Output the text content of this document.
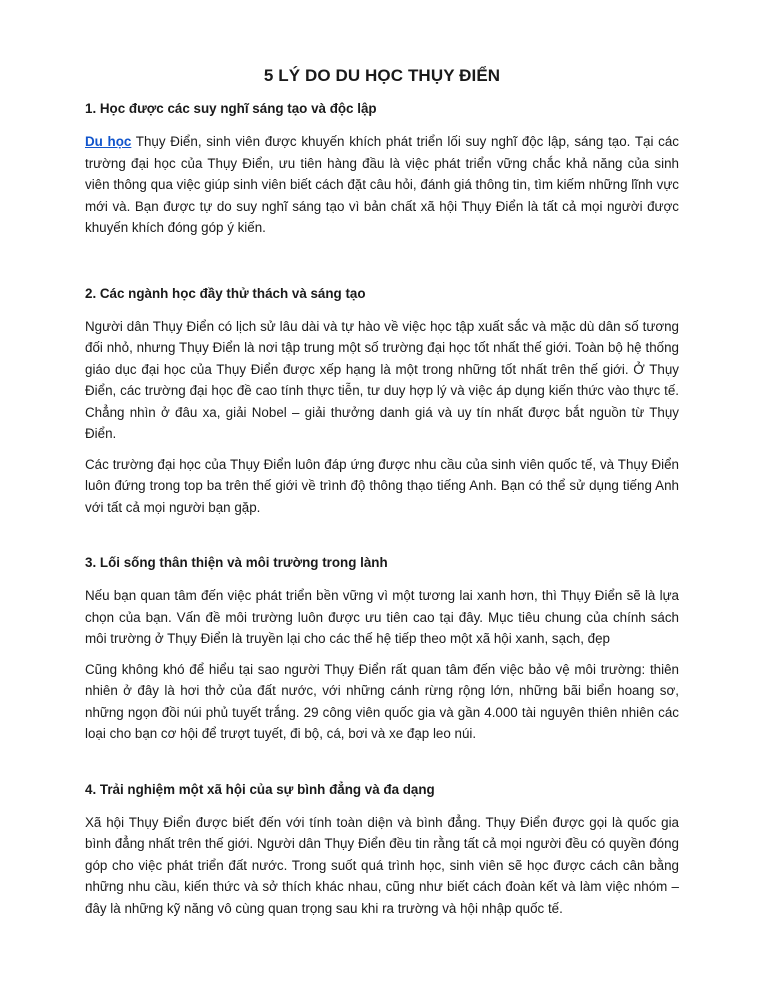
5 LÝ DO DU HỌC THỤY ĐIỂN
1. Học được các suy nghĩ sáng tạo và độc lập
Du học Thụy Điển, sinh viên được khuyến khích phát triển lối suy nghĩ độc lập, sáng tạo. Tại các trường đại học của Thụy Điển, ưu tiên hàng đầu là việc phát triển vững chắc khả năng của sinh viên thông qua việc giúp sinh viên biết cách đặt câu hỏi, đánh giá thông tin, tìm kiếm những lĩnh vực mới và. Bạn được tự do suy nghĩ sáng tạo vì bản chất xã hội Thụy Điển là tất cả mọi người được khuyến khích đóng góp ý kiến.
2. Các ngành học đầy thử thách và sáng tạo
Người dân Thụy Điển có lịch sử lâu dài và tự hào về việc học tập xuất sắc và mặc dù dân số tương đối nhỏ, nhưng Thụy Điển là nơi tập trung một số trường đại học tốt nhất thế giới. Toàn bộ hệ thống giáo dục đại học của Thụy Điển được xếp hạng là một trong những tốt nhất trên thế giới. Ở Thụy Điển, các trường đại học đề cao tính thực tiễn, tư duy hợp lý và việc áp dụng kiến thức vào thực tế. Chẳng nhìn ở đâu xa, giải Nobel – giải thưởng danh giá và uy tín nhất được bắt nguồn từ Thụy Điển.
Các trường đại học của Thụy Điển luôn đáp ứng được nhu cầu của sinh viên quốc tế, và Thụy Điển luôn đứng trong top ba trên thế giới về trình độ thông thạo tiếng Anh. Bạn có thể sử dụng tiếng Anh với tất cả mọi người bạn gặp.
3. Lối sống thân thiện và môi trường trong lành
Nếu bạn quan tâm đến việc phát triển bền vững vì một tương lai xanh hơn, thì Thụy Điển sẽ là lựa chọn của bạn. Vấn đề môi trường luôn được ưu tiên cao tại đây. Mục tiêu chung của chính sách môi trường ở Thụy Điển là truyền lại cho các thế hệ tiếp theo một xã hội xanh, sạch, đẹp
Cũng không khó để hiểu tại sao người Thụy Điển rất quan tâm đến việc bảo vệ môi trường: thiên nhiên ở đây là hơi thở của đất nước, với những cánh rừng rộng lớn, những bãi biển hoang sơ, những ngọn đồi núi phủ tuyết trắng. 29 công viên quốc gia và gần 4.000 tài nguyên thiên nhiên các loại cho bạn cơ hội để trượt tuyết, đi bộ, cá, bơi và xe đạp leo núi.
4. Trải nghiệm một xã hội của sự bình đẳng và đa dạng
Xã hội Thụy Điển được biết đến với tính toàn diện và bình đẳng. Thụy Điển được gọi là quốc gia bình đẳng nhất trên thế giới. Người dân Thụy Điển đều tin rằng tất cả mọi người đều có quyền đóng góp cho việc phát triển đất nước. Trong suốt quá trình học, sinh viên sẽ học được cách cân bằng những nhu cầu, kiến thức và sở thích khác nhau, cũng như biết cách đoàn kết và làm việc nhóm – đây là những kỹ năng vô cùng quan trọng sau khi ra trường và hội nhập quốc tế.
